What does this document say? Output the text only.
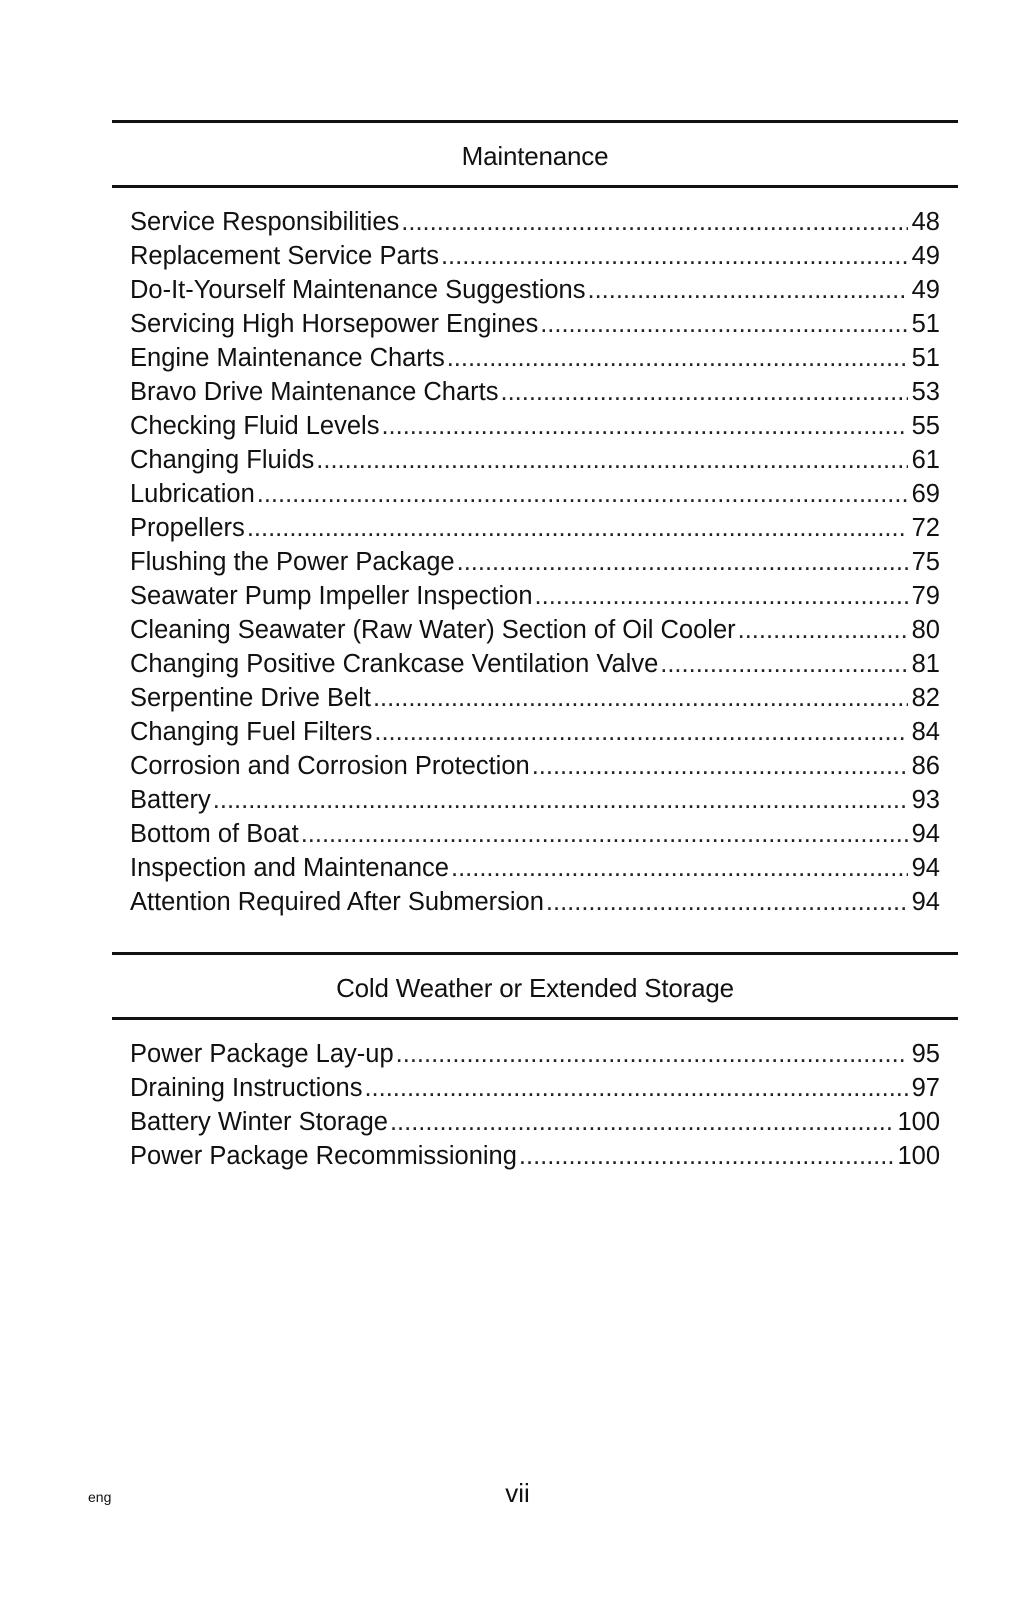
Maintenance
Service Responsibilities .....	48
Replacement Service Parts .....	49
Do-It-Yourself Maintenance Suggestions .....	49
Servicing High Horsepower Engines .....	51
Engine Maintenance Charts .....	51
Bravo Drive Maintenance Charts .....	53
Checking Fluid Levels .....	55
Changing Fluids .....	61
Lubrication .....	69
Propellers .....	72
Flushing the Power Package .....	75
Seawater Pump Impeller Inspection .....	79
Cleaning Seawater (Raw Water) Section of Oil Cooler .....	80
Changing Positive Crankcase Ventilation Valve .....	81
Serpentine Drive Belt .....	82
Changing Fuel Filters .....	84
Corrosion and Corrosion Protection .....	86
Battery .....	93
Bottom of Boat .....	94
Inspection and Maintenance .....	94
Attention Required After Submersion .....	94
Cold Weather or Extended Storage
Power Package Lay-up .....	95
Draining Instructions .....	97
Battery Winter Storage .....	100
Power Package Recommissioning .....	100
eng	vii
